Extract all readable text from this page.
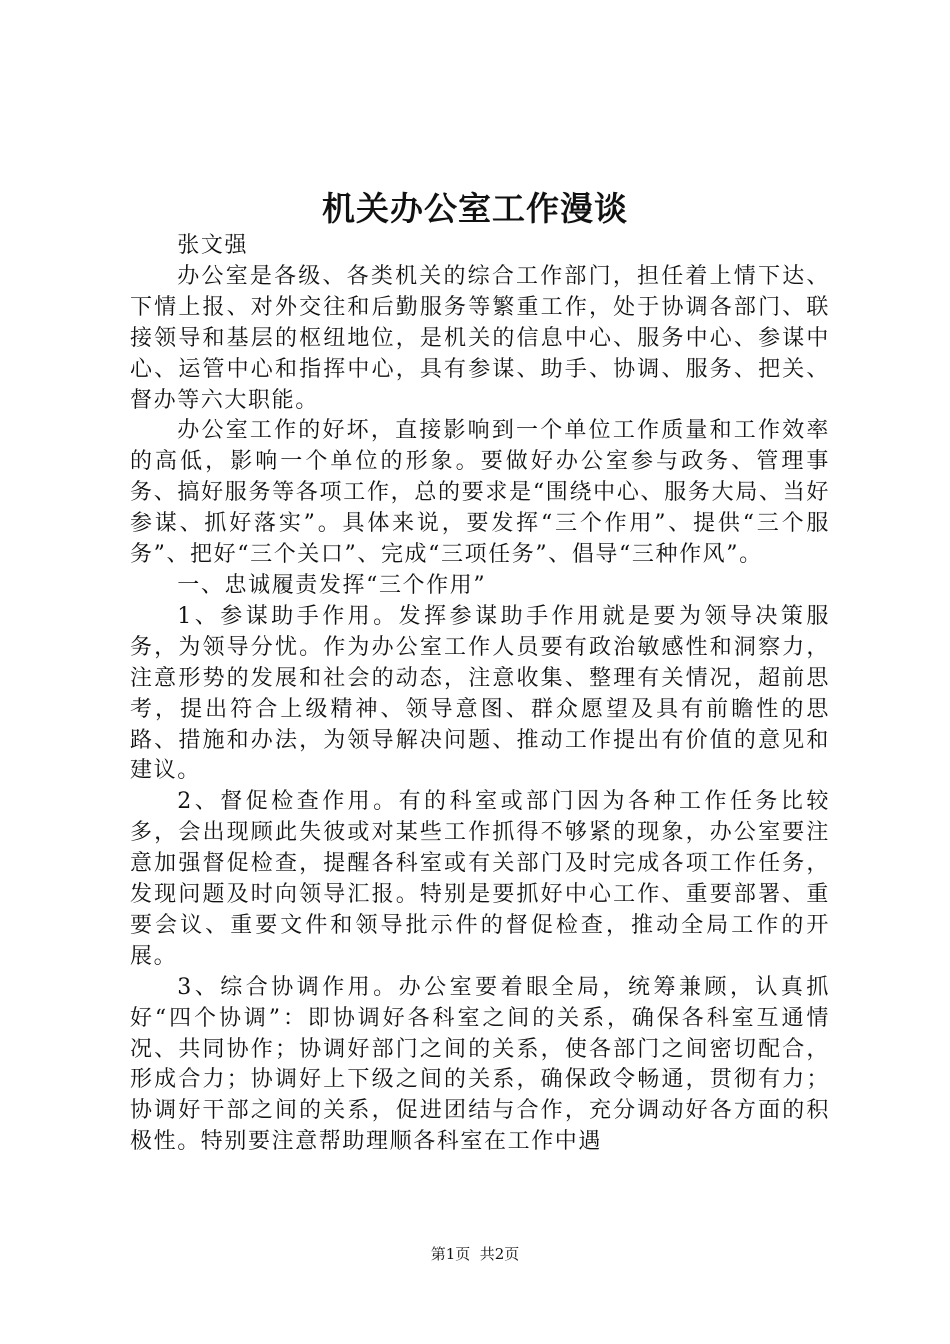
机关办公室工作漫谈

张文强

办公室是各级、各类机关的综合工作部门，担任着上情下达、下情上报、对外交往和后勤服务等繁重工作，处于协调各部门、联接领导和基层的枢纽地位，是机关的信息中心、服务中心、参谋中心、运管中心和指挥中心，具有参谋、助手、协调、服务、把关、督办等六大职能。

办公室工作的好坏，直接影响到一个单位工作质量和工作效率的高低，影响一个单位的形象。要做好办公室参与政务、管理事务、搞好服务等各项工作，总的要求是“围绕中心、服务大局、当好参谋、抓好落实”。具体来说，要发挥“三个作用”、提供“三个服务”、把好“三个关口”、完成“三项任务”、倡导“三种作风”。

一、忠诚履责发挥“三个作用”

1、参谋助手作用。发挥参谋助手作用就是要为领导决策服务，为领导分忧。作为办公室工作人员要有政治敏感性和洞察力，注意形势的发展和社会的动态，注意收集、整理有关情况，超前思考，提出符合上级精神、领导意图、群众愿望及具有前瞻性的思路、措施和办法，为领导解决问题、推动工作提出有价值的意见和建议。

2、督促检查作用。有的科室或部门因为各种工作任务比较多，会出现顾此失彼或对某些工作抓得不够紧的现象，办公室要注意加强督促检查，提醒各科室或有关部门及时完成各项工作任务，发现问题及时向领导汇报。特别是要抓好中心工作、重要部署、重要会议、重要文件和领导批示件的督促检查，推动全局工作的开展。

3、综合协调作用。办公室要着眼全局，统筹兼顾，认真抓好“四个协调”：即协调好各科室之间的关系，确保各科室互通情况、共同协作；协调好部门之间的关系，使各部门之间密切配合，形成合力；协调好上下级之间的关系，确保政令畅通，贯彻有力；协调好干部之间的关系，促进团结与合作，充分调动好各方面的积极性。特别要注意帮助理顺各科室在工作中遇

第1页  共2页
